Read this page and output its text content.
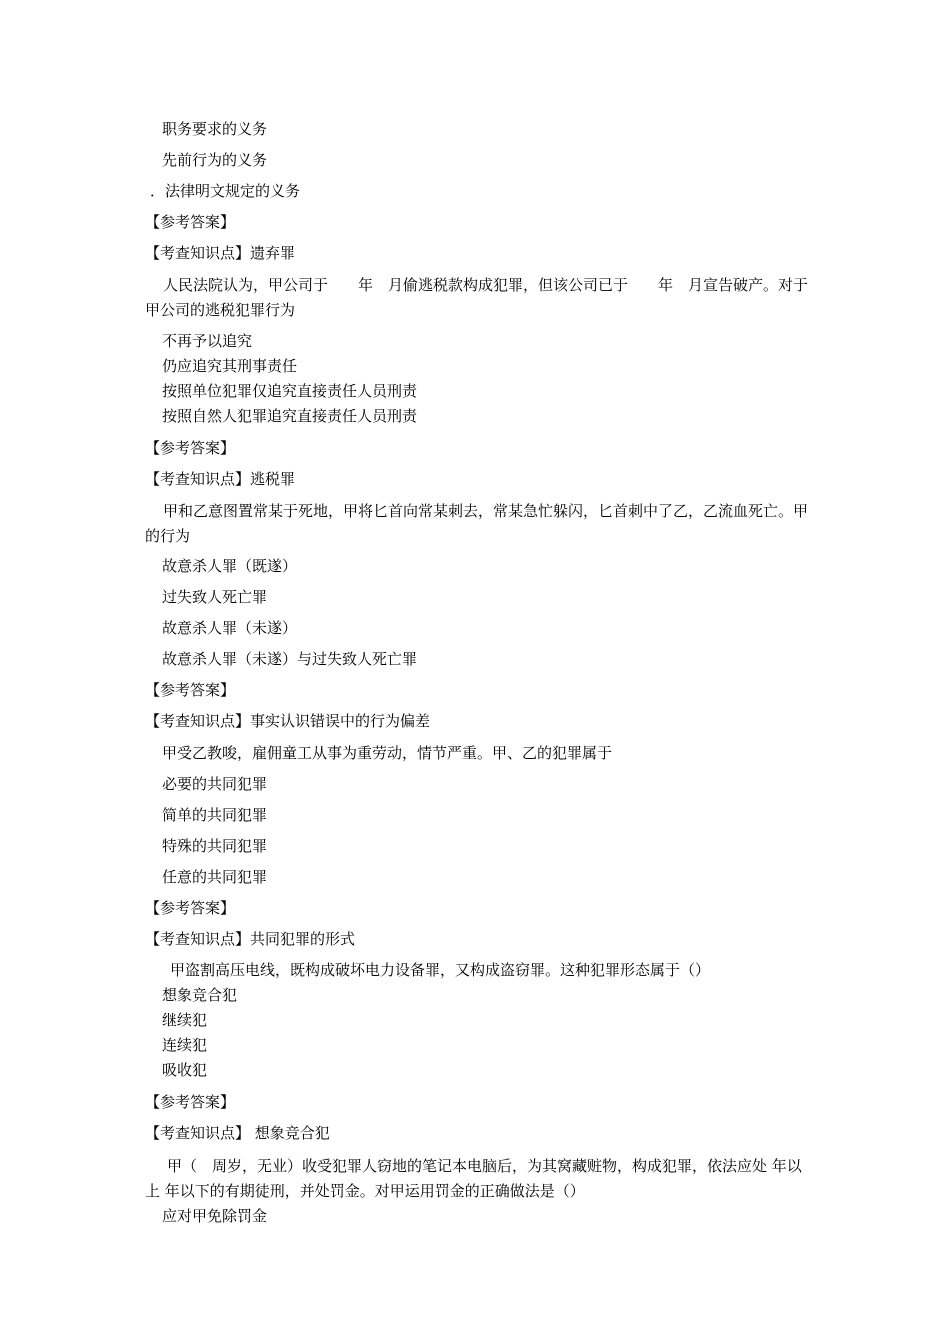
职务要求的义务
先前行为的义务
．法律明文规定的义务
【参考答案】
【考查知识点】遗弃罪
人民法院认为，甲公司于　　年　月偷逃税款构成犯罪，但该公司已于　　年　月宣告破产。对于甲公司的逃税犯罪行为
不再予以追究
仍应追究其刑事责任
按照单位犯罪仅追究直接责任人员刑责
按照自然人犯罪追究直接责任人员刑责
【参考答案】
【考查知识点】逃税罪
甲和乙意图置常某于死地，甲将匕首向常某刺去，常某急忙躲闪，匕首刺中了乙，乙流血死亡。甲的行为
故意杀人罪（既遂）
过失致人死亡罪
故意杀人罪（未遂）
故意杀人罪（未遂）与过失致人死亡罪
【参考答案】
【考查知识点】事实认识错误中的行为偏差
甲受乙教唆，雇佣童工从事为重劳动，情节严重。甲、乙的犯罪属于
必要的共同犯罪
简单的共同犯罪
特殊的共同犯罪
任意的共同犯罪
【参考答案】
【考查知识点】共同犯罪的形式
甲盗割高压电线，既构成破坏电力设备罪，又构成盗窃罪。这种犯罪形态属于（）
想象竞合犯
继续犯
连续犯
吸收犯
【参考答案】
【考查知识点】 想象竞合犯
甲（　周岁，无业）收受犯罪人窃地的笔记本电脑后，为其窝藏赃物，构成犯罪，依法应处 年以上 年以下的有期徒刑，并处罚金。对甲运用罚金的正确做法是（）
应对甲免除罚金
